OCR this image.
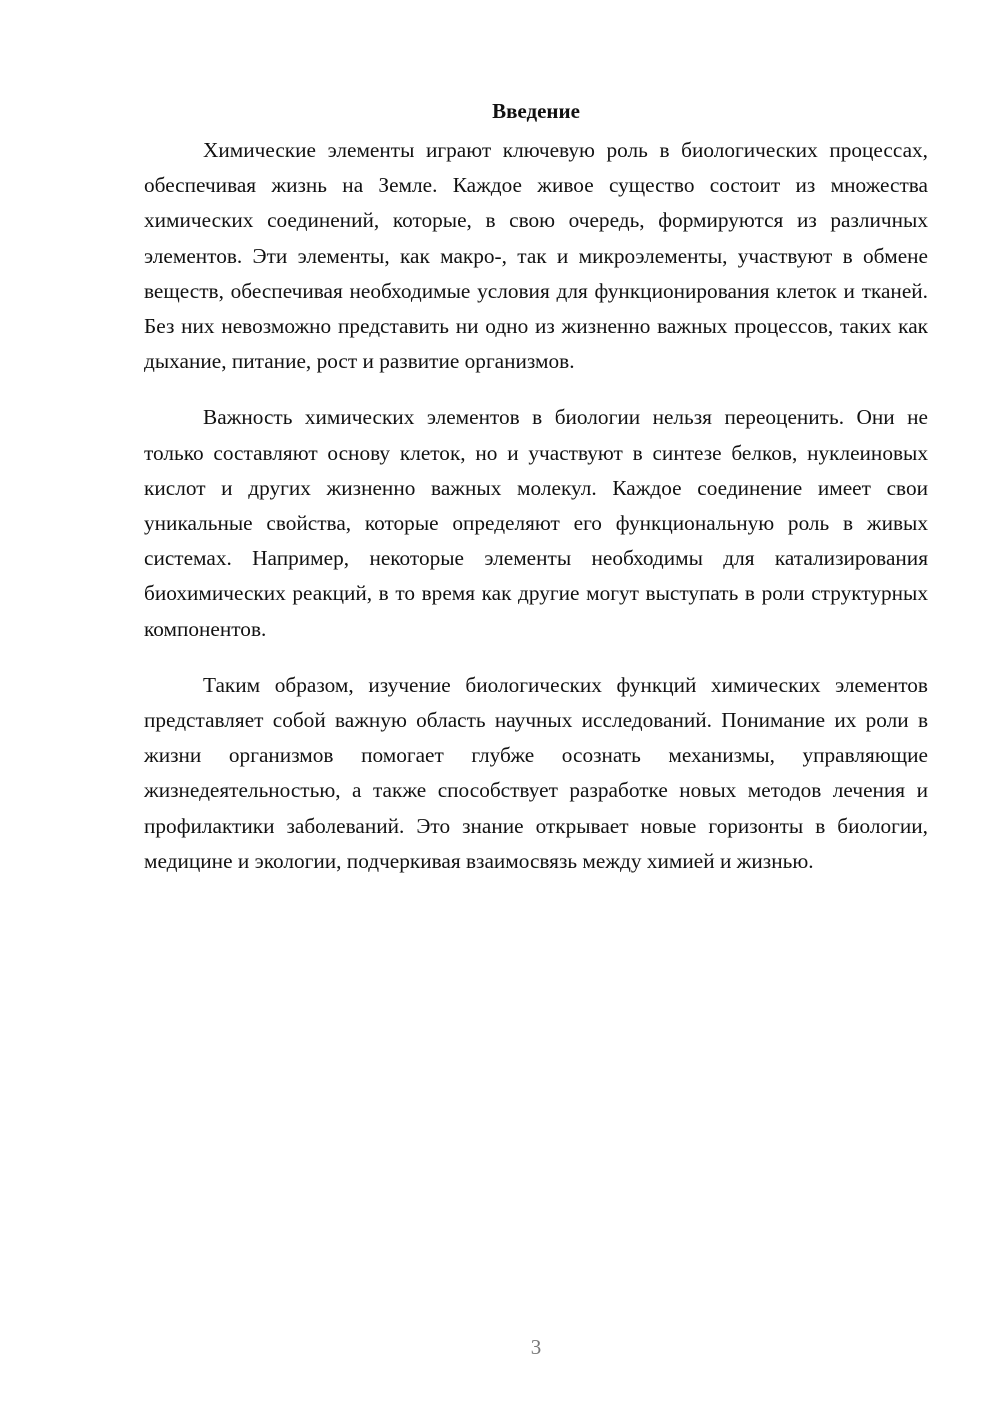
Введение

Химические элементы играют ключевую роль в биологических процессах, обеспечивая жизнь на Земле. Каждое живое существо состоит из множества химических соединений, которые, в свою очередь, формируются из различных элементов. Эти элементы, как макро-, так и микроэлементы, участвуют в обмене веществ, обеспечивая необходимые условия для функционирования клеток и тканей. Без них невозможно представить ни одно из жизненно важных процессов, таких как дыхание, питание, рост и развитие организмов.

Важность химических элементов в биологии нельзя переоценить. Они не только составляют основу клеток, но и участвуют в синтезе белков, нуклеиновых кислот и других жизненно важных молекул. Каждое соединение имеет свои уникальные свойства, которые определяют его функциональную роль в живых системах. Например, некоторые элементы необходимы для катализирования биохимических реакций, в то время как другие могут выступать в роли структурных компонентов.

Таким образом, изучение биологических функций химических элементов представляет собой важную область научных исследований. Понимание их роли в жизни организмов помогает глубже осознать механизмы, управляющие жизнедеятельностью, а также способствует разработке новых методов лечения и профилактики заболеваний. Это знание открывает новые горизонты в биологии, медицине и экологии, подчеркивая взаимосвязь между химией и жизнью.

3
